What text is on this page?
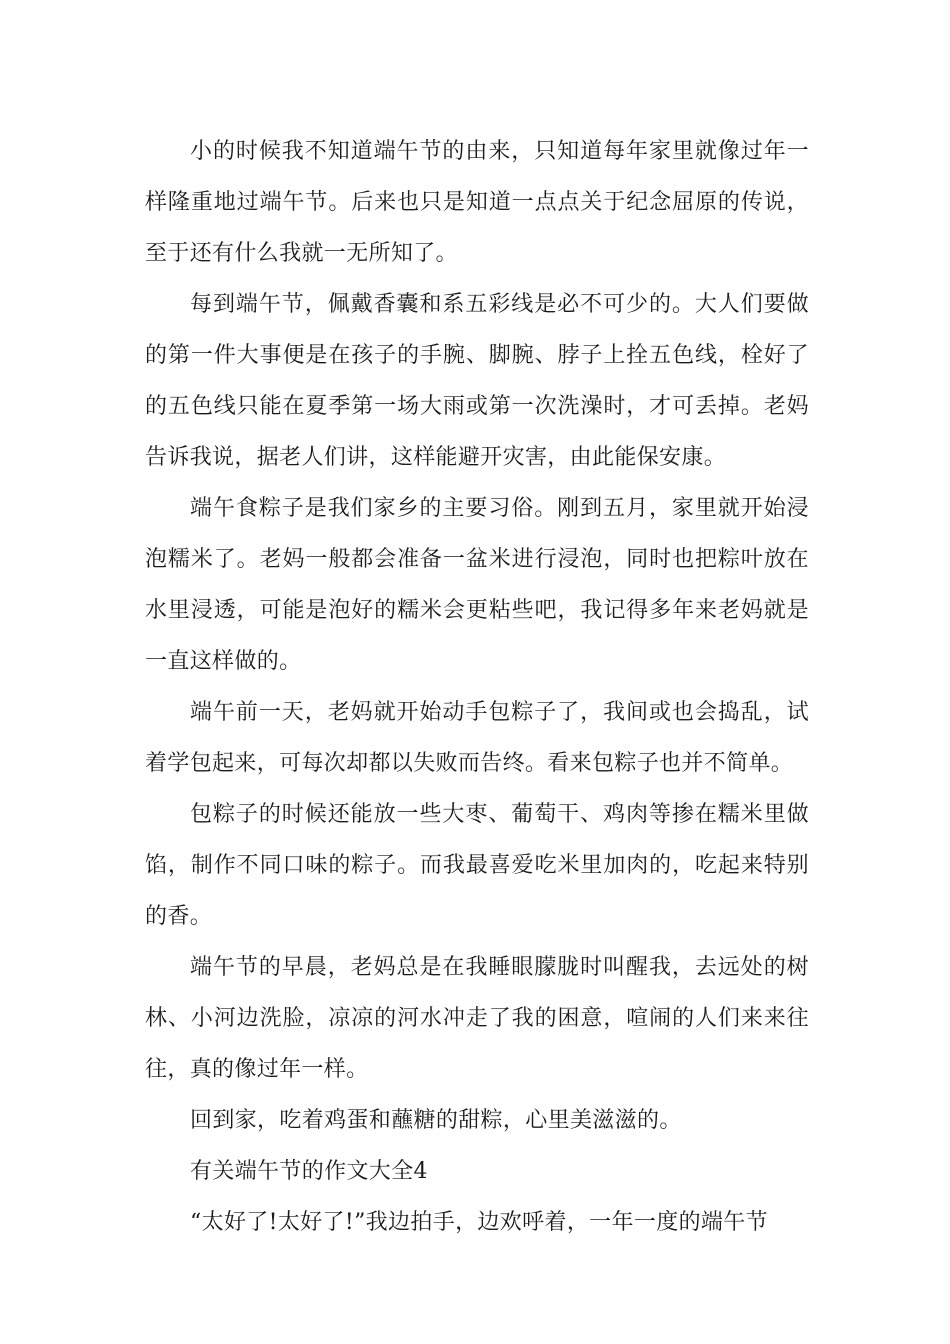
小的时候我不知道端午节的由来，只知道每年家里就像过年一样隆重地过端午节。后来也只是知道一点点关于纪念屈原的传说，至于还有什么我就一无所知了。

每到端午节，佩戴香囊和系五彩线是必不可少的。大人们要做的第一件大事便是在孩子的手腕、脚腕、脖子上拴五色线，栓好了的五色线只能在夏季第一场大雨或第一次洗澡时，才可丢掉。老妈告诉我说，据老人们讲，这样能避开灾害，由此能保安康。

端午食粽子是我们家乡的主要习俗。刚到五月，家里就开始浸泡糯米了。老妈一般都会准备一盆米进行浸泡，同时也把粽叶放在水里浸透，可能是泡好的糯米会更粘些吧，我记得多年来老妈就是一直这样做的。

端午前一天，老妈就开始动手包粽子了，我间或也会捣乱，试着学包起来，可每次却都以失败而告终。看来包粽子也并不简单。

包粽子的时候还能放一些大枣、葡萄干、鸡肉等掺在糯米里做馅，制作不同口味的粽子。而我最喜爱吃米里加肉的，吃起来特别的香。

端午节的早晨，老妈总是在我睡眼朦胧时叫醒我，去远处的树林、小河边洗脸，凉凉的河水冲走了我的困意，喧闹的人们来来往往，真的像过年一样。

回到家，吃着鸡蛋和蘸糖的甜粽，心里美滋滋的。

有关端午节的作文大全4

“太好了!太好了!”我边拍手，边欢呼着，一年一度的端午节
